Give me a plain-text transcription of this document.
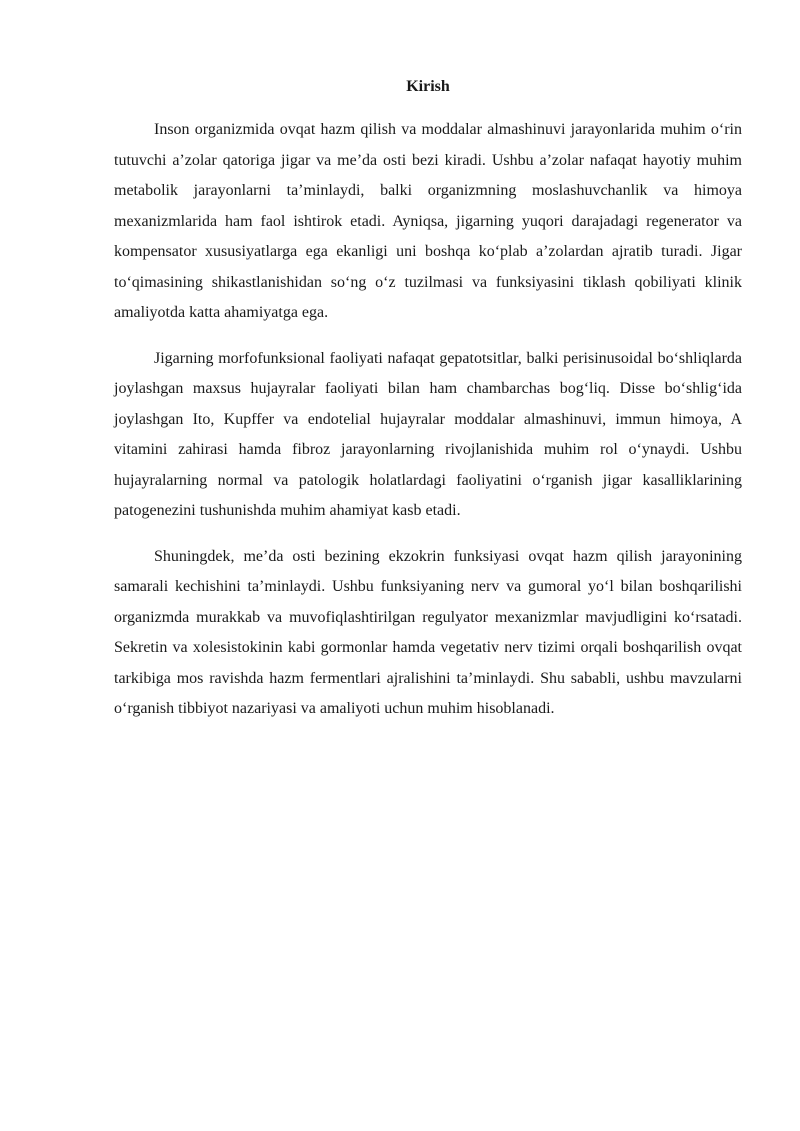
Kirish

Inson organizmida ovqat hazm qilish va moddalar almashinuvi jarayonlarida muhim o‘rin tutuvchi a’zolar qatoriga jigar va me’da osti bezi kiradi. Ushbu a’zolar nafaqat hayotiy muhim metabolik jarayonlarni ta’minlaydi, balki organizmning moslashuvchanlik va himoya mexanizmlarida ham faol ishtirok etadi. Ayniqsa, jigarning yuqori darajadagi regenerator va kompensator xususiyatlarga ega ekanligi uni boshqa ko‘plab a’zolardan ajratib turadi. Jigar to‘qimasining shikastlanishidan so‘ng o‘z tuzilmasi va funksiyasini tiklash qobiliyati klinik amaliyotda katta ahamiyatga ega.

Jigarning morfofunksional faoliyati nafaqat gepatotsitlar, balki perisinusoidal bo‘shliqlarda joylashgan maxsus hujayralar faoliyati bilan ham chambarchas bog‘liq. Disse bo‘shlig‘ida joylashgan Ito, Kupffer va endotelial hujayralar moddalar almashinuvi, immun himoya, A vitamini zahirasi hamda fibroz jarayonlarning rivojlanishida muhim rol o‘ynaydi. Ushbu hujayralarning normal va patologik holatlardagi faoliyatini o‘rganish jigar kasalliklarining patogenezini tushunishda muhim ahamiyat kasb etadi.

Shuningdek, me’da osti bezining ekzokrin funksiyasi ovqat hazm qilish jarayonining samarali kechishini ta’minlaydi. Ushbu funksiyaning nerv va gumoral yo‘l bilan boshqarilishi organizmda murakkab va muvofiqlashtirilgan regulyator mexanizmlar mavjudligini ko‘rsatadi. Sekretin va xolesistokinin kabi gormonlar hamda vegetativ nerv tizimi orqali boshqarilish ovqat tarkibiga mos ravishda hazm fermentlari ajralishini ta’minlaydi. Shu sababli, ushbu mavzularni o‘rganish tibbiyot nazariyasi va amaliyoti uchun muhim hisoblanadi.
